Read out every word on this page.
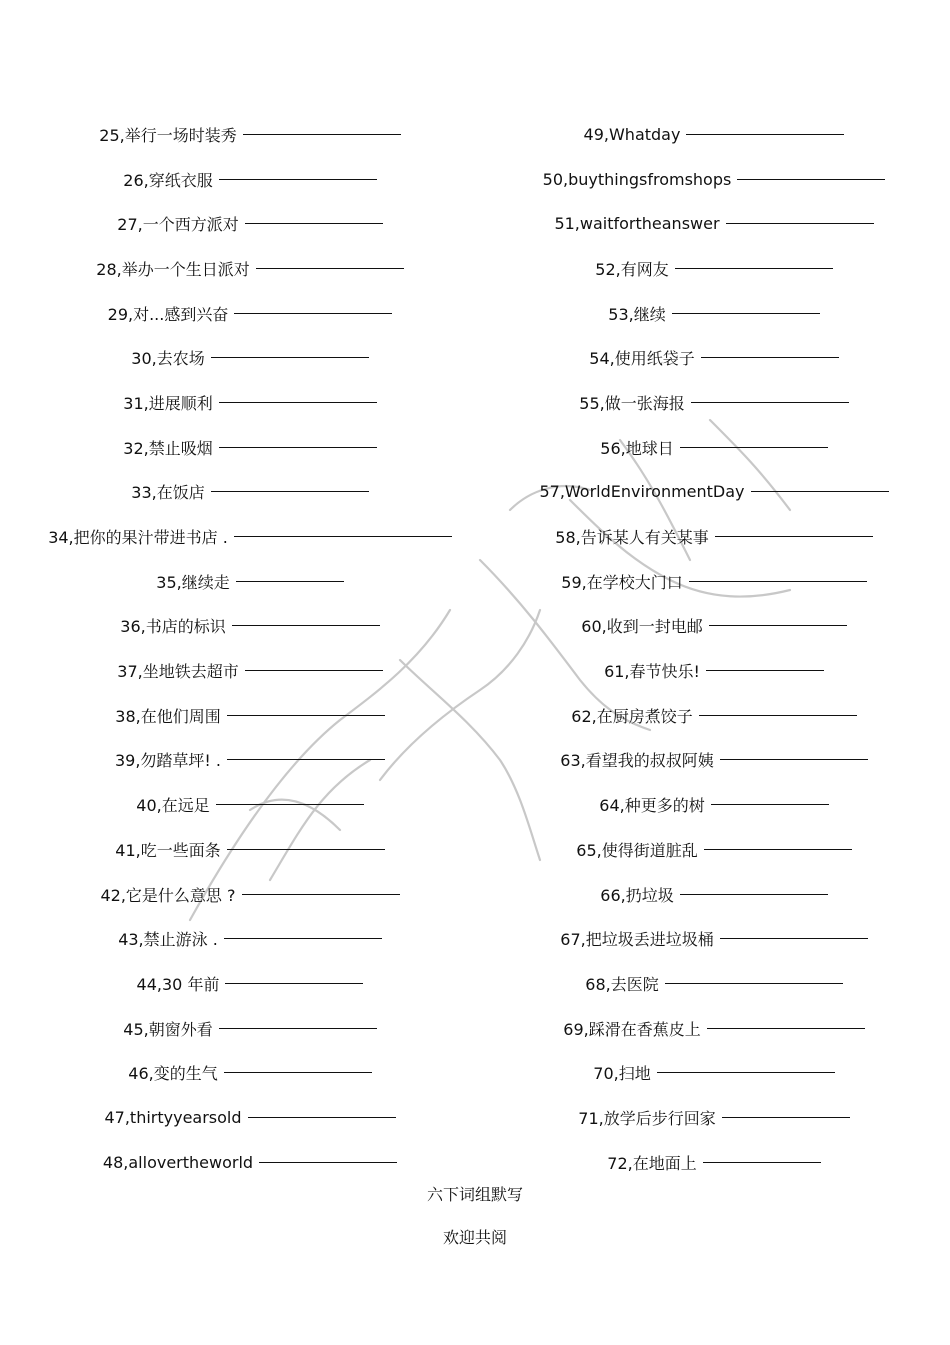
25,举行一场时装秀
26,穿纸衣服
27,一个西方派对
28,举办一个生日派对
29,对...感到兴奋
30,去农场
31,进展顺利
32,禁止吸烟
33,在饭店
34,把你的果汁带进书店 .
35,继续走
36,书店的标识
37,坐地铁去超市
38,在他们周围
39,勿踏草坪! .
40,在远足
41,吃一些面条
42,它是什么意思 ?
43,禁止游泳 .
44,30 年前
45,朝窗外看
46,变的生气
47,thirtyyearsold
48,allovertheworld
49,Whatday
50,buythingsfromshops
51,waitfortheanswer
52,有网友
53,继续
54,使用纸袋子
55,做一张海报
56,地球日
57,WorldEnvironmentDay
58,告诉某人有关某事
59,在学校大门口
60,收到一封电邮
61,春节快乐!
62,在厨房煮饺子
63,看望我的叔叔阿姨
64,种更多的树
65,使得街道脏乱
66,扔垃圾
67,把垃圾丢进垃圾桶
68,去医院
69,踩滑在香蕉皮上
70,扫地
71,放学后步行回家
72,在地面上
六下词组默写
欢迎共阅
